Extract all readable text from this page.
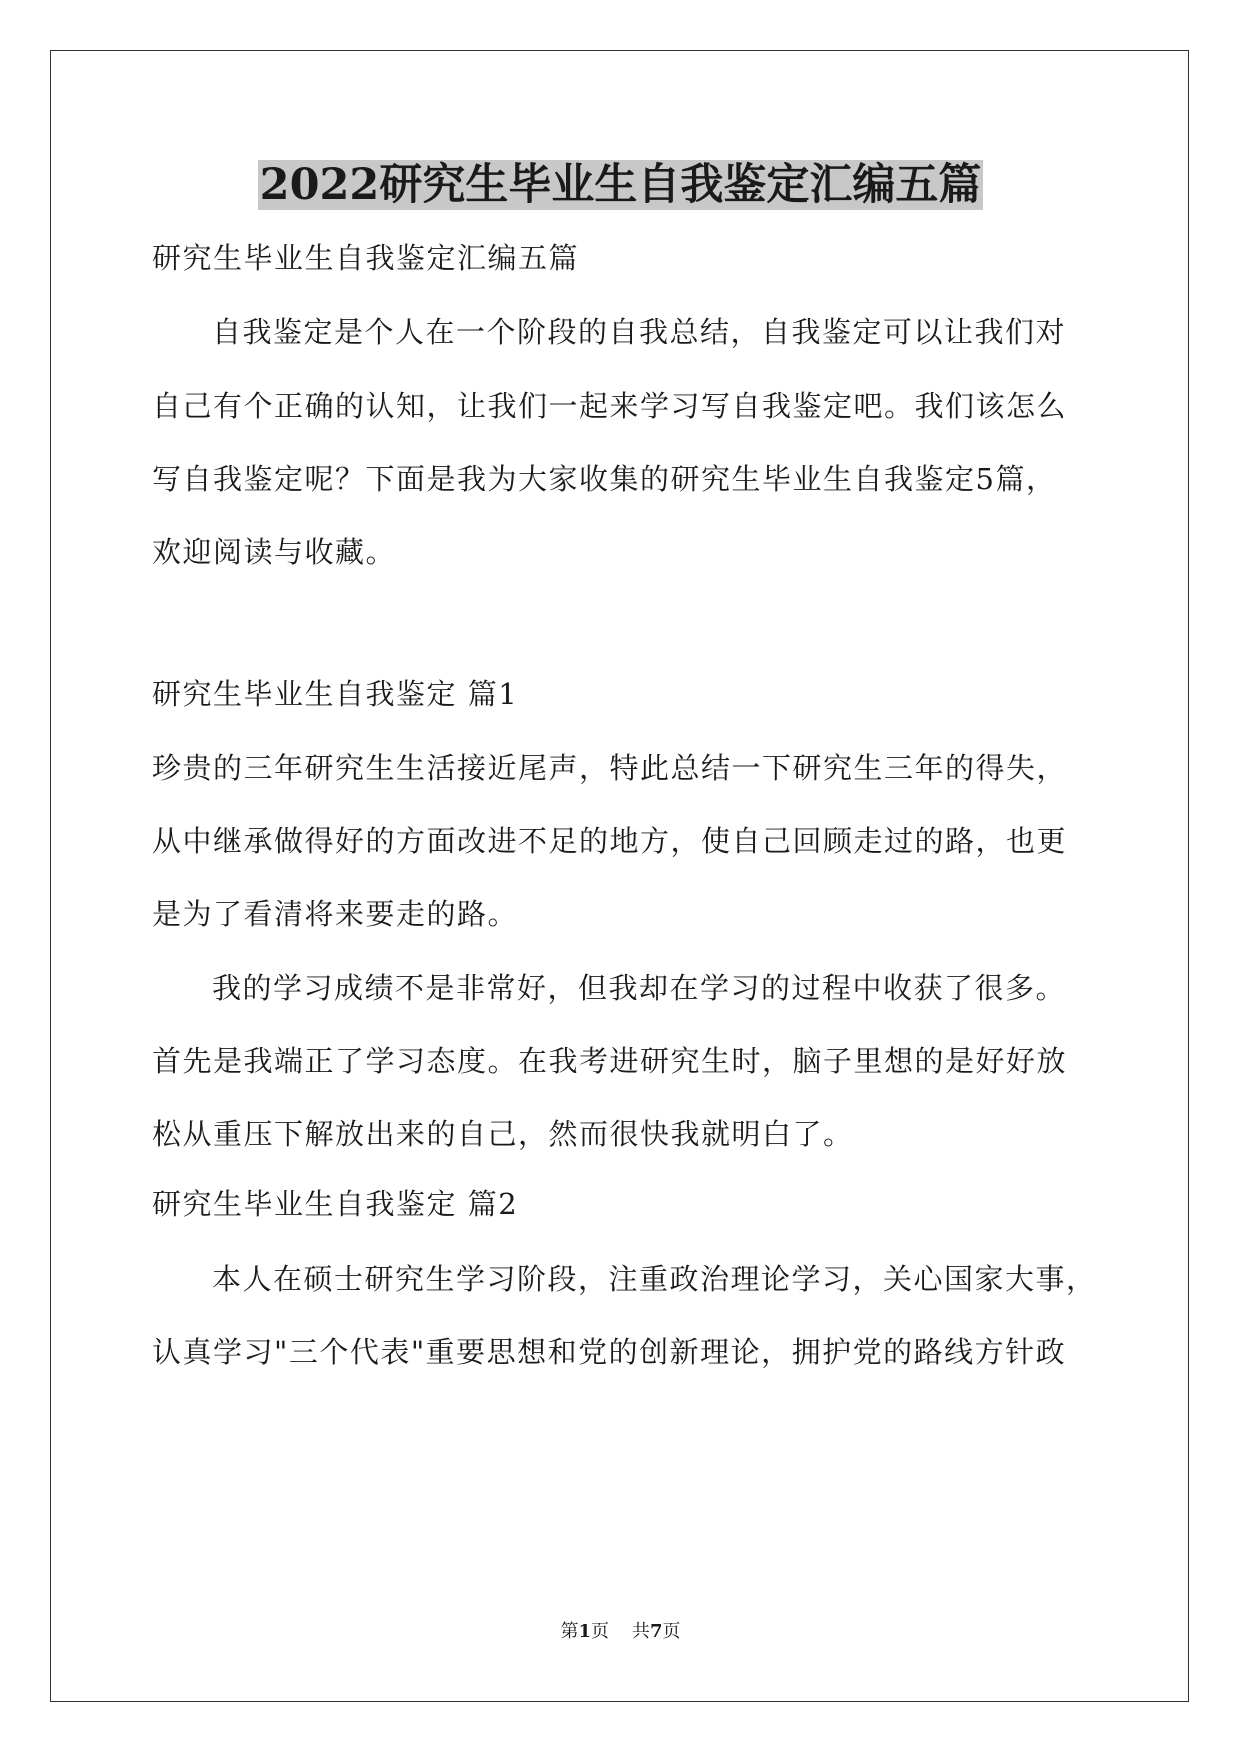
2022研究生毕业生自我鉴定汇编五篇
研究生毕业生自我鉴定汇编五篇
自我鉴定是个人在一个阶段的自我总结，自我鉴定可以让我们对
自己有个正确的认知，让我们一起来学习写自我鉴定吧。我们该怎么
写自我鉴定呢？下面是我为大家收集的研究生毕业生自我鉴定5篇，
欢迎阅读与收藏。
研究生毕业生自我鉴定 篇1
珍贵的三年研究生生活接近尾声，特此总结一下研究生三年的得失，
从中继承做得好的方面改进不足的地方，使自己回顾走过的路，也更
是为了看清将来要走的路。
我的学习成绩不是非常好，但我却在学习的过程中收获了很多。
首先是我端正了学习态度。在我考进研究生时，脑子里想的是好好放
松从重压下解放出来的自己，然而很快我就明白了。
研究生毕业生自我鉴定 篇2
本人在硕士研究生学习阶段，注重政治理论学习，关心国家大事，
认真学习"三个代表"重要思想和党的创新理论，拥护党的路线方针政
第1页    共7页
